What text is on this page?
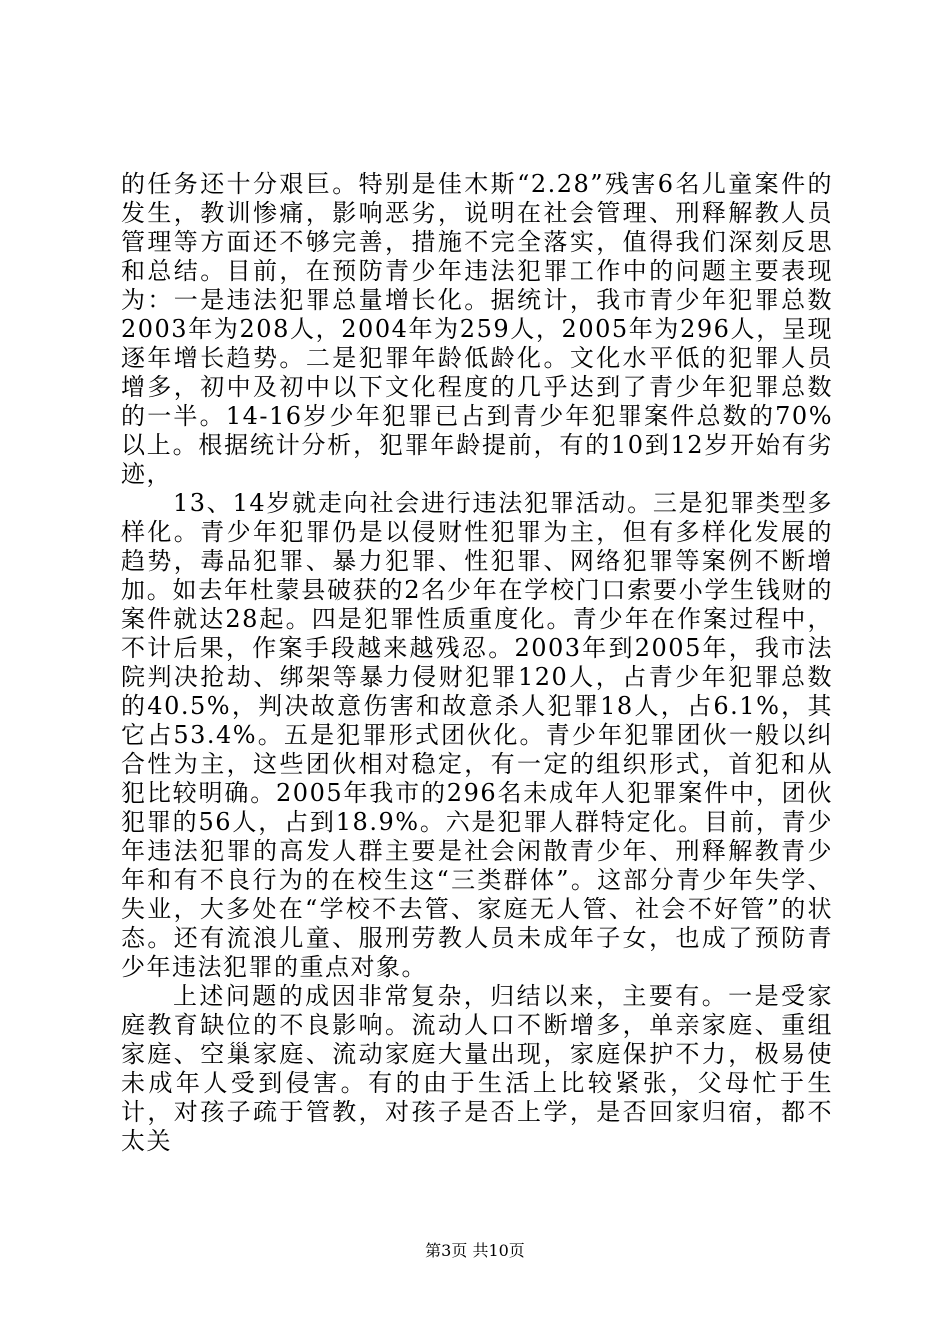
的任务还十分艰巨。特别是佳木斯“2.28”残害6名儿童案件的发生，教训惨痛，影响恶劣，说明在社会管理、刑释解教人员管理等方面还不够完善，措施不完全落实，值得我们深刻反思和总结。目前，在预防青少年违法犯罪工作中的问题主要表现为：一是违法犯罪总量增长化。据统计，我市青少年犯罪总数2003年为208人，2004年为259人，2005年为296人，呈现逐年增长趋势。二是犯罪年龄低龄化。文化水平低的犯罪人员增多，初中及初中以下文化程度的几乎达到了青少年犯罪总数的一半。14-16岁少年犯罪已占到青少年犯罪案件总数的70%以上。根据统计分析，犯罪年龄提前，有的10到12岁开始有劣迹，

13、14岁就走向社会进行违法犯罪活动。三是犯罪类型多样化。青少年犯罪仍是以侵财性犯罪为主，但有多样化发展的趋势，毒品犯罪、暴力犯罪、性犯罪、网络犯罪等案例不断增加。如去年杜蒙县破获的2名少年在学校门口索要小学生钱财的案件就达28起。四是犯罪性质重度化。青少年在作案过程中，不计后果，作案手段越来越残忍。2003年到2005年，我市法院判决抢劫、绑架等暴力侵财犯罪120人，占青少年犯罪总数的40.5%，判决故意伤害和故意杀人犯罪18人，占6.1%，其它占53.4%。五是犯罪形式团伙化。青少年犯罪团伙一般以纠合性为主，这些团伙相对稳定，有一定的组织形式，首犯和从犯比较明确。2005年我市的296名未成年人犯罪案件中，团伙犯罪的56人，占到18.9%。六是犯罪人群特定化。目前，青少年违法犯罪的高发人群主要是社会闲散青少年、刑释解教青少年和有不良行为的在校生这“三类群体”。这部分青少年失学、失业，大多处在“学校不去管、家庭无人管、社会不好管”的状态。还有流浪儿童、服刑劳教人员未成年子女，也成了预防青少年违法犯罪的重点对象。

上述问题的成因非常复杂，归结以来，主要有。一是受家庭教育缺位的不良影响。流动人口不断增多，单亲家庭、重组家庭、空巢家庭、流动家庭大量出现，家庭保护不力，极易使未成年人受到侵害。有的由于生活上比较紧张，父母忙于生计，对孩子疏于管教，对孩子是否上学，是否回家归宿，都不太关

第3页 共10页
